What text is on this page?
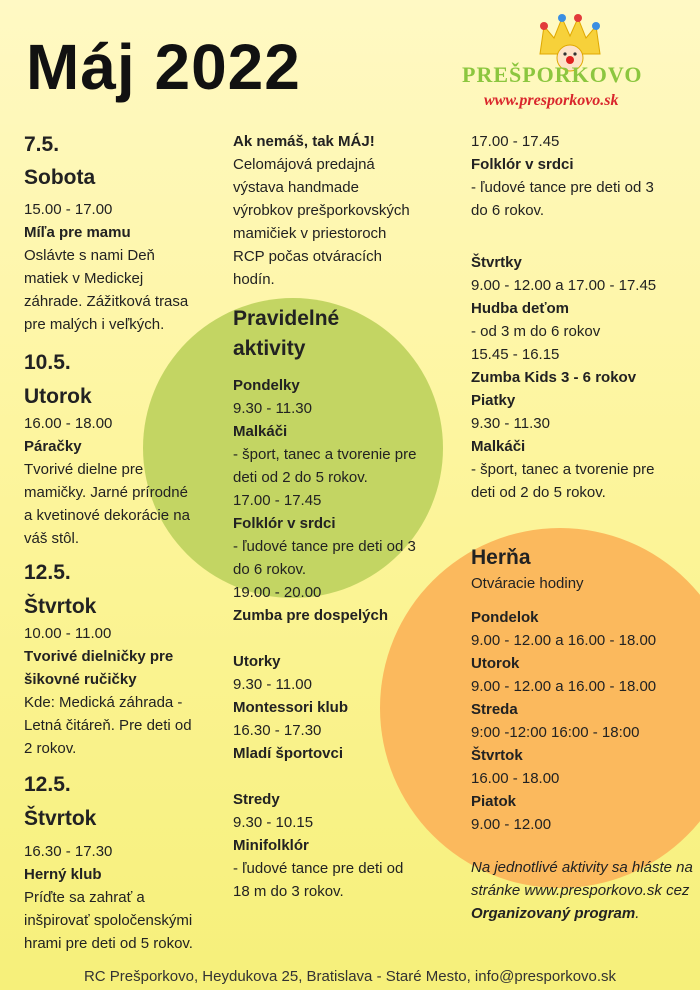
Máj 2022	PREŠPORKOVO
www.presporkovo.sk
7.5.
Sobota
15.00 - 17.00
Míľa pre mamu
Oslávte s nami Deň
matiek v Medickej
záhrade. Zážitková trasa
pre malých i veľkých.
10.5.
Utorok
16.00 - 18.00
Páračky
Tvorivé dielne pre
mamičky. Jarné prírodné
a kvetinové dekorácie na
váš stôl.
12.5.
Štvrtok
10.00 - 11.00
Tvorivé dielničky pre
šikovné ručičky
Kde: Medická záhrada -
Letná čitáreň. Pre deti od
2 rokov.
12.5.
Štvrtok
16.30 - 17.30
Herný klub
Príďte sa zahrať a
inšpirovať spoločenskými
hrami pre deti od 5 rokov.
Ak nemáš, tak MÁJ!
Celomájová predajná
výstava handmade
výrobkov prešporkovských
mamičiek v priestoroch
RCP počas otváracích
hodín.
Pravidelné
aktivity
Pondelky
9.30 - 11.30
Malkáči
- šport, tanec a tvorenie pre
deti od 2 do 5 rokov.
17.00 - 17.45
Folklór v srdci
- ľudové tance pre deti od 3
do 6 rokov.
19.00 - 20.00
Zumba pre dospelých
Utorky
9.30 - 11.00
Montessori klub
16.30 - 17.30
Mladí športovci
Stredy
9.30 - 10.15
Minifolklór
- ľudové tance pre deti od
18 m do 3 rokov.
17.00 - 17.45
Folklór v srdci
- ľudové tance pre deti od 3
do 6 rokov.
Štvrtky
9.00 - 12.00 a 17.00 - 17.45
Hudba deťom
- od 3 m do 6 rokov
15.45 - 16.15
Zumba Kids 3 - 6 rokov
Piatky
9.30 - 11.30
Malkáči
- šport, tanec a tvorenie pre
deti od 2 do 5 rokov.
Herňa
Otváracie hodiny
Pondelok
9.00 - 12.00 a 16.00 - 18.00
Utorok
9.00 - 12.00 a 16.00 - 18.00
Streda
9:00 -12:00 16:00 - 18:00
Štvrtok
16.00 - 18.00
Piatok
9.00 - 12.00
Na jednotlivé aktivity sa hláste na stránke www.presporkovo.sk cez Organizovaný program.
RC Prešporkovo, Heydukova 25, Bratislava - Staré Mesto, info@presporkovo.sk
